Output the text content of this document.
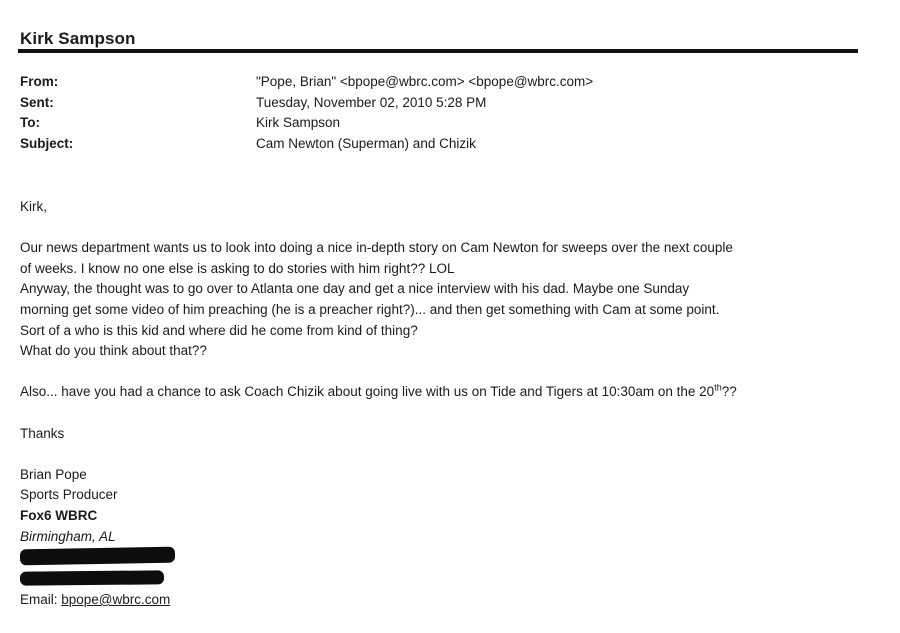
Kirk Sampson
From:	"Pope, Brian" <bpope@wbrc.com> <bpope@wbrc.com>
Sent:	Tuesday, November 02, 2010 5:28 PM
To:	Kirk Sampson
Subject:	Cam Newton (Superman) and Chizik
Kirk,
Our news department wants us to look into doing a nice in-depth story on Cam Newton for sweeps over the next couple
of weeks. I know no one else is asking to do stories with him right?? LOL
Anyway, the thought was to go over to Atlanta one day and get a nice interview with his dad. Maybe one Sunday
morning get some video of him preaching (he is a preacher right?)... and then get something with Cam at some point.
Sort of a who is this kid and where did he come from kind of thing?
What do you think about that??
Also... have you had a chance to ask Coach Chizik about going live with us on Tide and Tigers at 10:30am on the 20th??
Thanks
Brian Pope
Sports Producer
Fox6 WBRC
Birmingham, AL
Email: bpope@wbrc.com
